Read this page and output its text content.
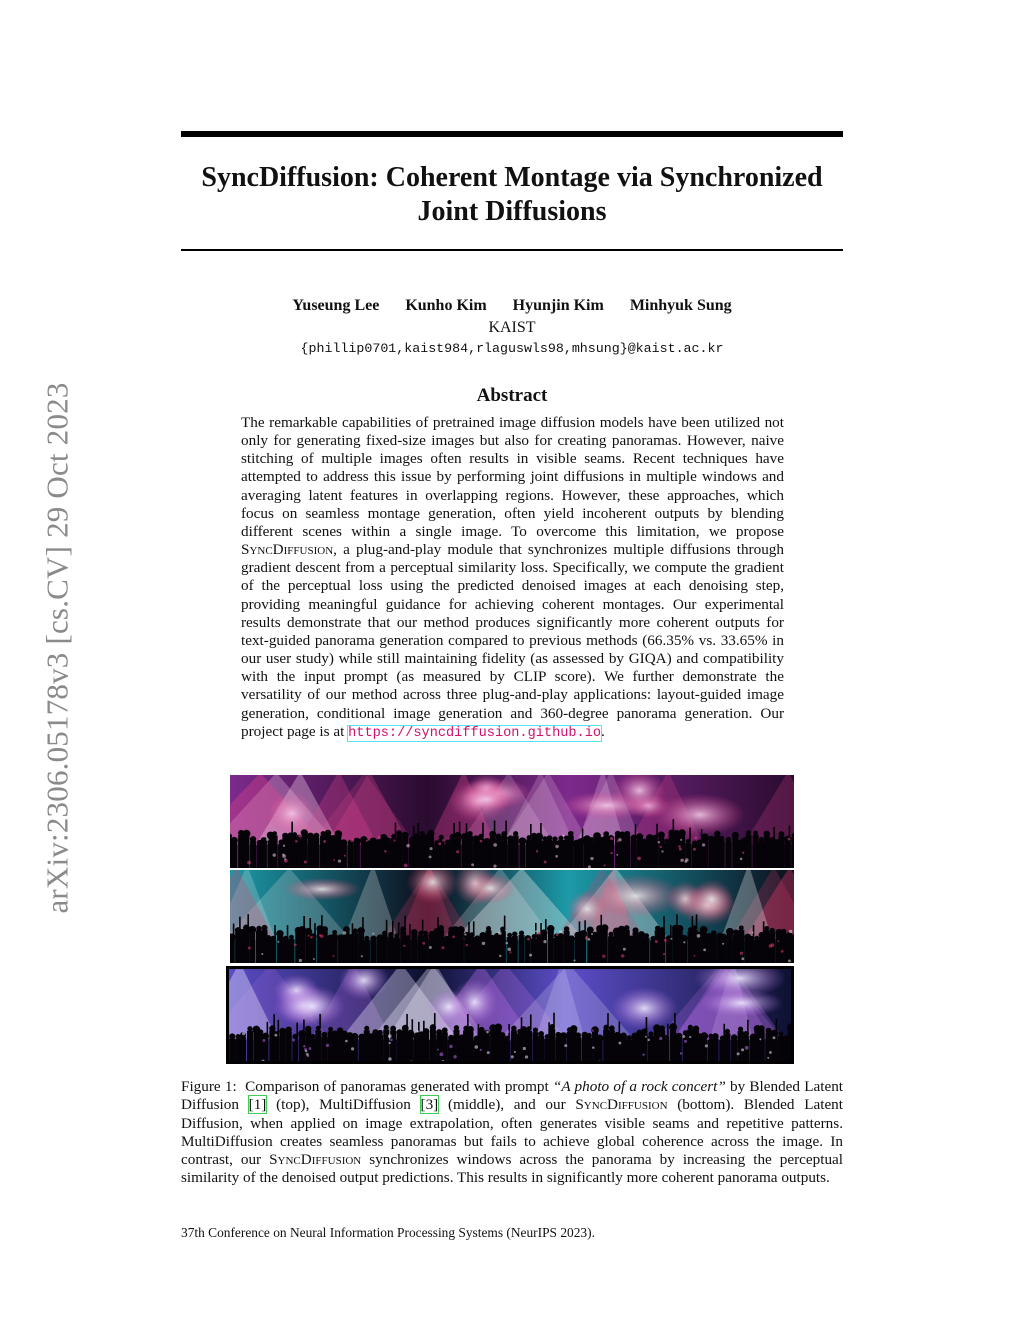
arXiv:2306.05178v3 [cs.CV] 29 Oct 2023
SyncDiffusion: Coherent Montage via Synchronized Joint Diffusions
Yuseung Lee Kunho Kim Hyunjin Kim Minhyuk Sung
KAIST
{phillip0701,kaist984,rlaguswls98,mhsung}@kaist.ac.kr
Abstract
The remarkable capabilities of pretrained image diffusion models have been utilized not only for generating fixed-size images but also for creating panoramas. However, naive stitching of multiple images often results in visible seams. Recent techniques have attempted to address this issue by performing joint diffusions in multiple windows and averaging latent features in overlapping regions. However, these approaches, which focus on seamless montage generation, often yield incoherent outputs by blending different scenes within a single image. To overcome this limitation, we propose SyncDiffusion, a plug-and-play module that synchronizes multiple diffusions through gradient descent from a perceptual similarity loss. Specifically, we compute the gradient of the perceptual loss using the predicted denoised images at each denoising step, providing meaningful guidance for achieving coherent montages. Our experimental results demonstrate that our method produces significantly more coherent outputs for text-guided panorama generation compared to previous methods (66.35% vs. 33.65% in our user study) while still maintaining fidelity (as assessed by GIQA) and compatibility with the input prompt (as measured by CLIP score). We further demonstrate the versatility of our method across three plug-and-play applications: layout-guided image generation, conditional image generation and 360-degree panorama generation. Our project page is at https://syncdiffusion.github.io.
Figure 1: Comparison of panoramas generated with prompt “A photo of a rock concert” by Blended Latent Diffusion [1] (top), MultiDiffusion [3] (middle), and our SyncDiffusion (bottom). Blended Latent Diffusion, when applied on image extrapolation, often generates visible seams and repetitive patterns. MultiDiffusion creates seamless panoramas but fails to achieve global coherence across the image. In contrast, our SyncDiffusion synchronizes windows across the panorama by increasing the perceptual similarity of the denoised output predictions. This results in significantly more coherent panorama outputs.
37th Conference on Neural Information Processing Systems (NeurIPS 2023).
